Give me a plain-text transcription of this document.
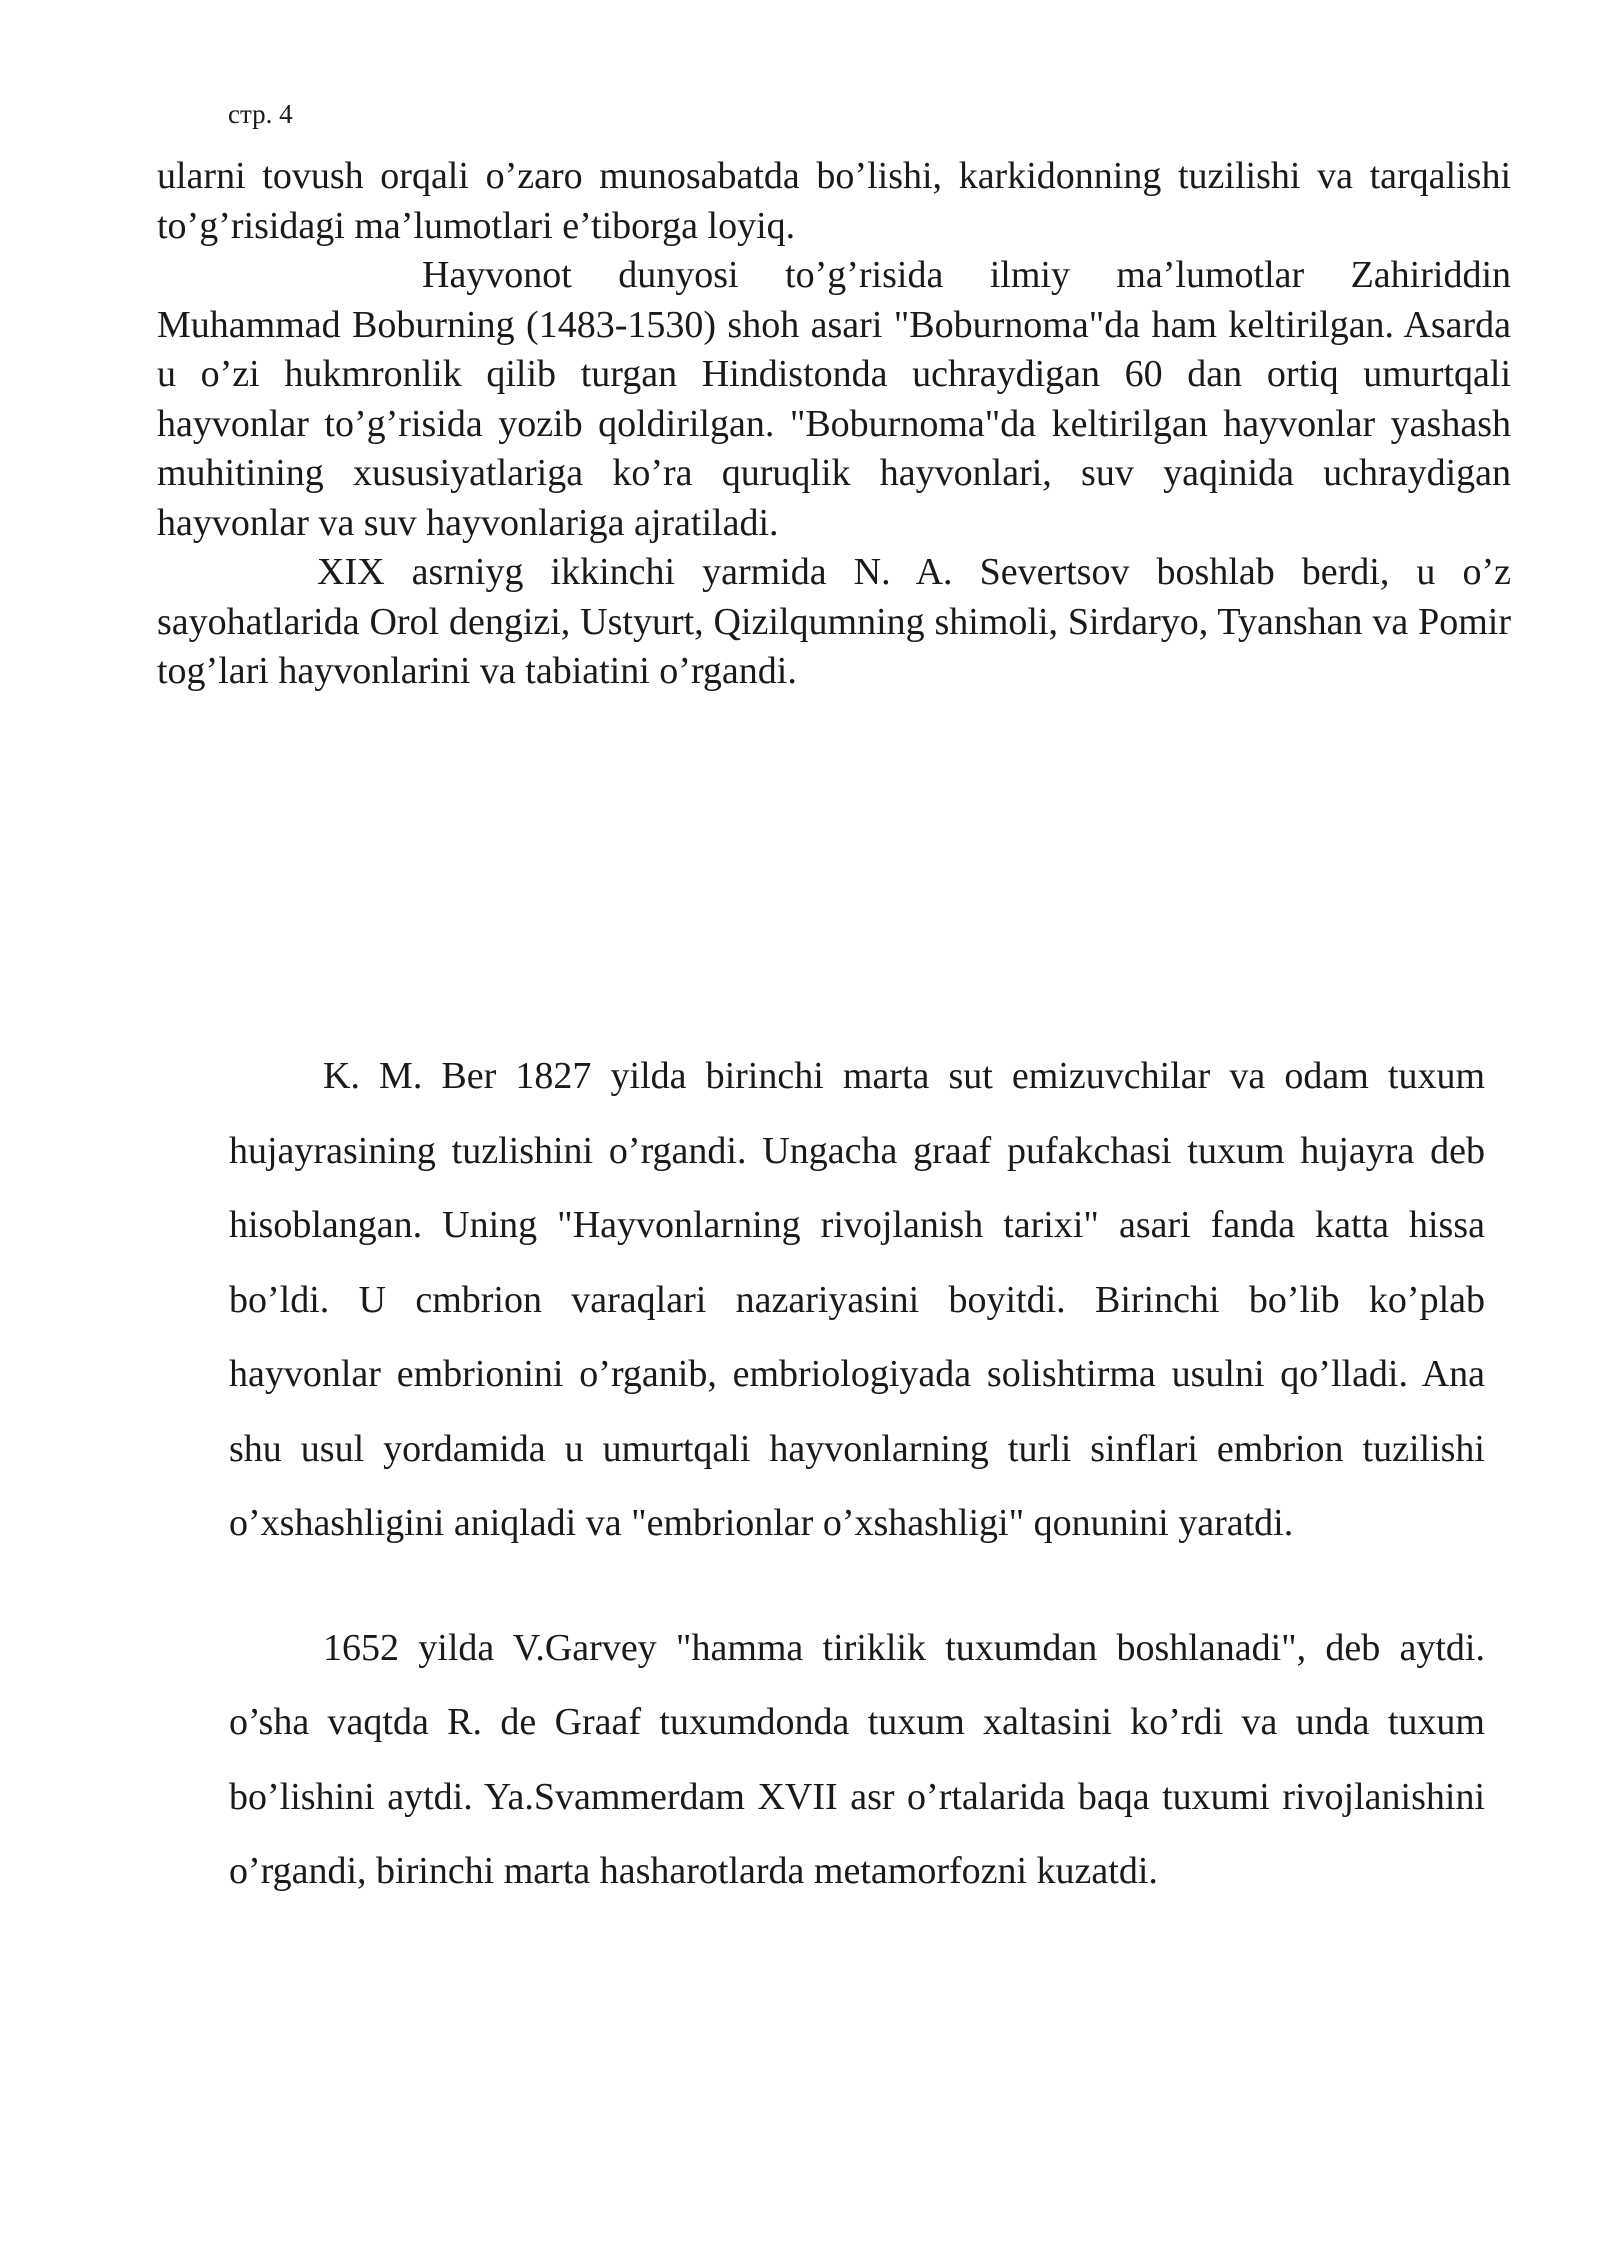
стр. 4

ularni tovush orqali o’zaro munosabatda bo’lishi, karkidonning tuzilishi va tarqalishi to’g’risidagi ma’lumotlari e’tiborga loyiq.

Hayvonot dunyosi to’g’risida ilmiy ma’lumotlar Zahiriddin Muhammad Boburning (1483-1530) shoh asari "Boburnoma"da ham keltirilgan. Asarda u o’zi hukmronlik qilib turgan Hindistonda uchraydigan 60 dan ortiq umurtqali hayvonlar to’g’risida yozib qoldirilgan. "Boburnoma"da keltirilgan hayvonlar yashash muhitining xususiyatlariga ko’ra quruqlik hayvonlari, suv yaqinida uchraydigan hayvonlar va suv hayvonlariga ajratiladi.

XIX asrniyg ikkinchi yarmida N. A. Severtsov boshlab berdi, u o’z sayohatlarida Orol dengizi, Ustyurt, Qizilqumning shimoli, Sirdaryo, Tyanshan va Pomir tog’lari hayvonlarini va tabiatini o’rgandi.

K. M. Ber 1827 yilda birinchi marta sut emizuvchilar va odam tuxum hujayrasining tuzlishini o’rgandi. Ungacha graaf pufakchasi tuxum hujayra deb hisoblangan. Uning "Hayvonlarning rivojlanish tarixi" asari fanda katta hissa bo’ldi. U cmbrion varaqlari nazariyasini boyitdi. Birinchi bo’lib ko’plab hayvonlar embrionini o’rganib, embriologiyada solishtirma usulni qo’lladi. Ana shu usul yordamida u umurtqali hayvonlarning turli sinflari embrion tuzilishi o’xshashligini aniqladi va "embrionlar o’xshashligi" qonunini yaratdi.

1652 yilda V.Garvey "hamma tiriklik tuxumdan boshlanadi", deb aytdi. o’sha vaqtda R. de Graaf tuxumdonda tuxum xaltasini ko’rdi va unda tuxum bo’lishini aytdi. Ya.Svammerdam XVII asr o’rtalarida baqa tuxumi rivojlanishini o’rgandi, birinchi marta hasharotlarda metamorfozni kuzatdi.
